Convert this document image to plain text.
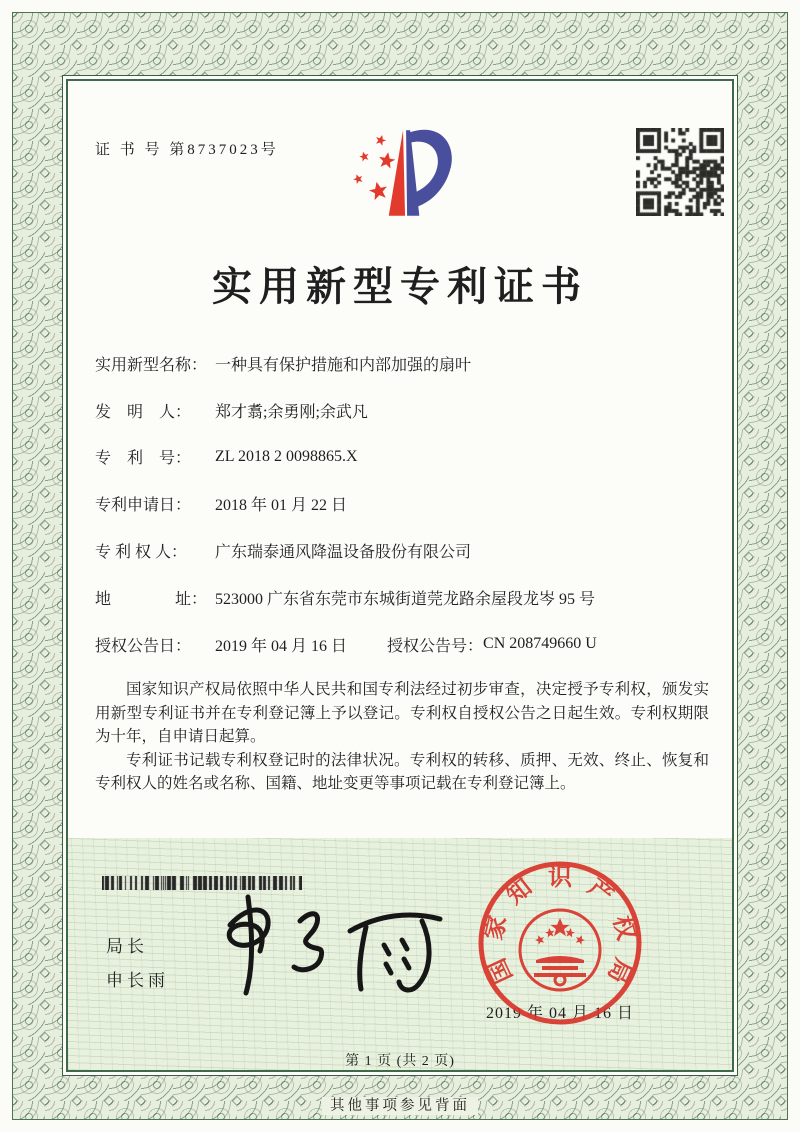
证 书 号 第8737023号
实用新型专利证书
实用新型名称： 一种具有保护措施和内部加强的扇叶
发　明　人：	郑才翥;余勇刚;余武凡
专　利　号：	ZL 2018 2 0098865.X
专利申请日：	2018 年 01 月 22 日
专 利 权 人：	广东瑞泰通风降温设备股份有限公司
地　　　　址： 523000 广东省东莞市东城街道莞龙路余屋段龙岑 95 号
授权公告日：	2019 年 04 月 16 日	授权公告号： CN 208749660 U

国家知识产权局依照中华人民共和国专利法经过初步审查，决定授予专利权，颁发实用新型专利证书并在专利登记簿上予以登记。专利权自授权公告之日起生效。专利权期限为十年，自申请日起算。

专利证书记载专利权登记时的法律状况。专利权的转移、质押、无效、终止、恢复和专利权人的姓名或名称、国籍、地址变更等事项记载在专利登记簿上。

局长
申长雨	国
家
知 识 产
权
局
2019 年 04 月 16 日
第 1 页 (共 2 页)
其他事项参见背面
